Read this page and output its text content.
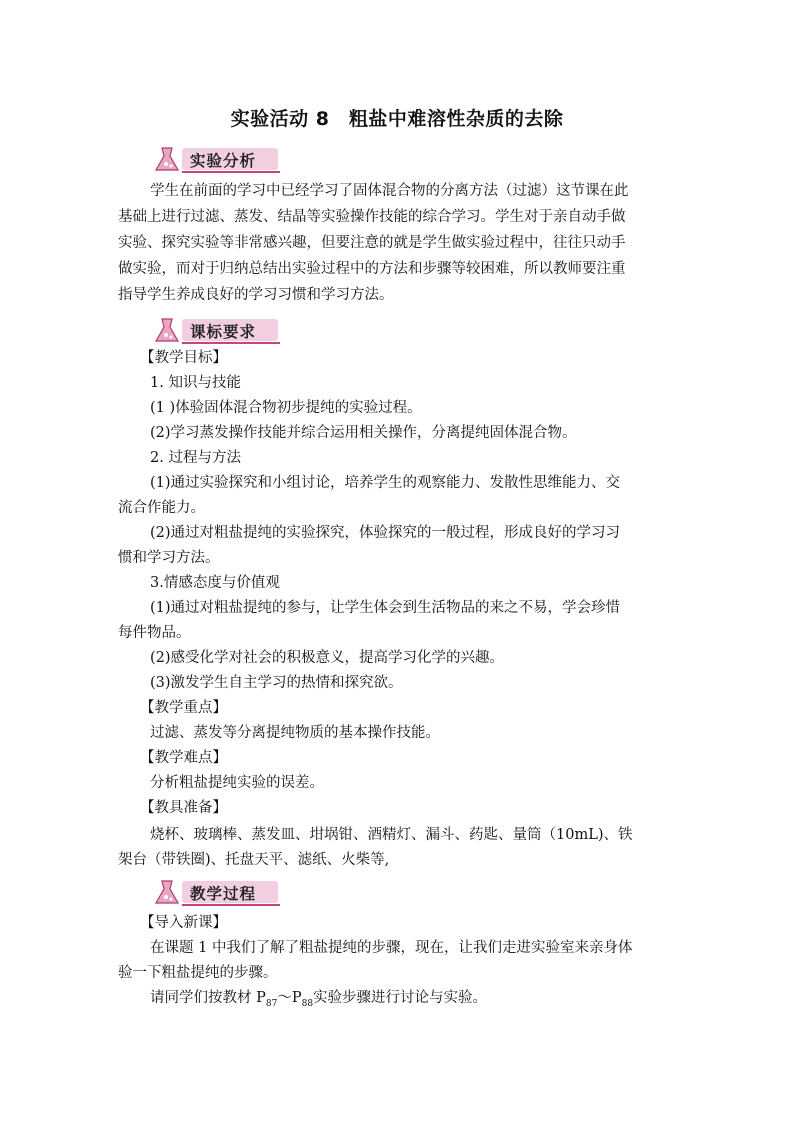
实验活动 8　粗盐中难溶性杂质的去除
实验分析
学生在前面的学习中已经学习了固体混合物的分离方法（过滤）这节课在此
基础上进行过滤、蒸发、结晶等实验操作技能的综合学习。学生对于亲自动手做
实验、探究实验等非常感兴趣，但要注意的就是学生做实验过程中，往往只动手
做实验，而对于归纳总结出实验过程中的方法和步骤等较困难，所以教师要注重
指导学生养成良好的学习习惯和学习方法。
课标要求
【教学目标】
1. 知识与技能
(1 )体验固体混合物初步提纯的实验过程。
(2)学习蒸发操作技能并综合运用相关操作，分离提纯固体混合物。
2. 过程与方法
(1)通过实验探究和小组讨论，培养学生的观察能力、发散性思维能力、交
流合作能力。
(2)通过对粗盐提纯的实验探究，体验探究的一般过程，形成良好的学习习
惯和学习方法。
3.情感态度与价值观
(1)通过对粗盐提纯的参与，让学生体会到生活物品的来之不易，学会珍惜
每件物品。
(2)感受化学对社会的积极意义，提高学习化学的兴趣。
(3)激发学生自主学习的热情和探究欲。
【教学重点】
过滤、蒸发等分离提纯物质的基本操作技能。
【教学难点】
分析粗盐提纯实验的误差。
【教具准备】
烧杯、玻璃棒、蒸发皿、坩埚钳、酒精灯、漏斗、药匙、量筒（10mL)、铁
架台（带铁圈)、托盘天平、滤纸、火柴等,
教学过程
【导入新课】
在课题 1 中我们了解了粗盐提纯的步骤，现在，让我们走进实验室来亲身体
验一下粗盐提纯的步骤。
请同学们按教材 $P_{87}\sim P_{88}$实验步骤进行讨论与实验。
